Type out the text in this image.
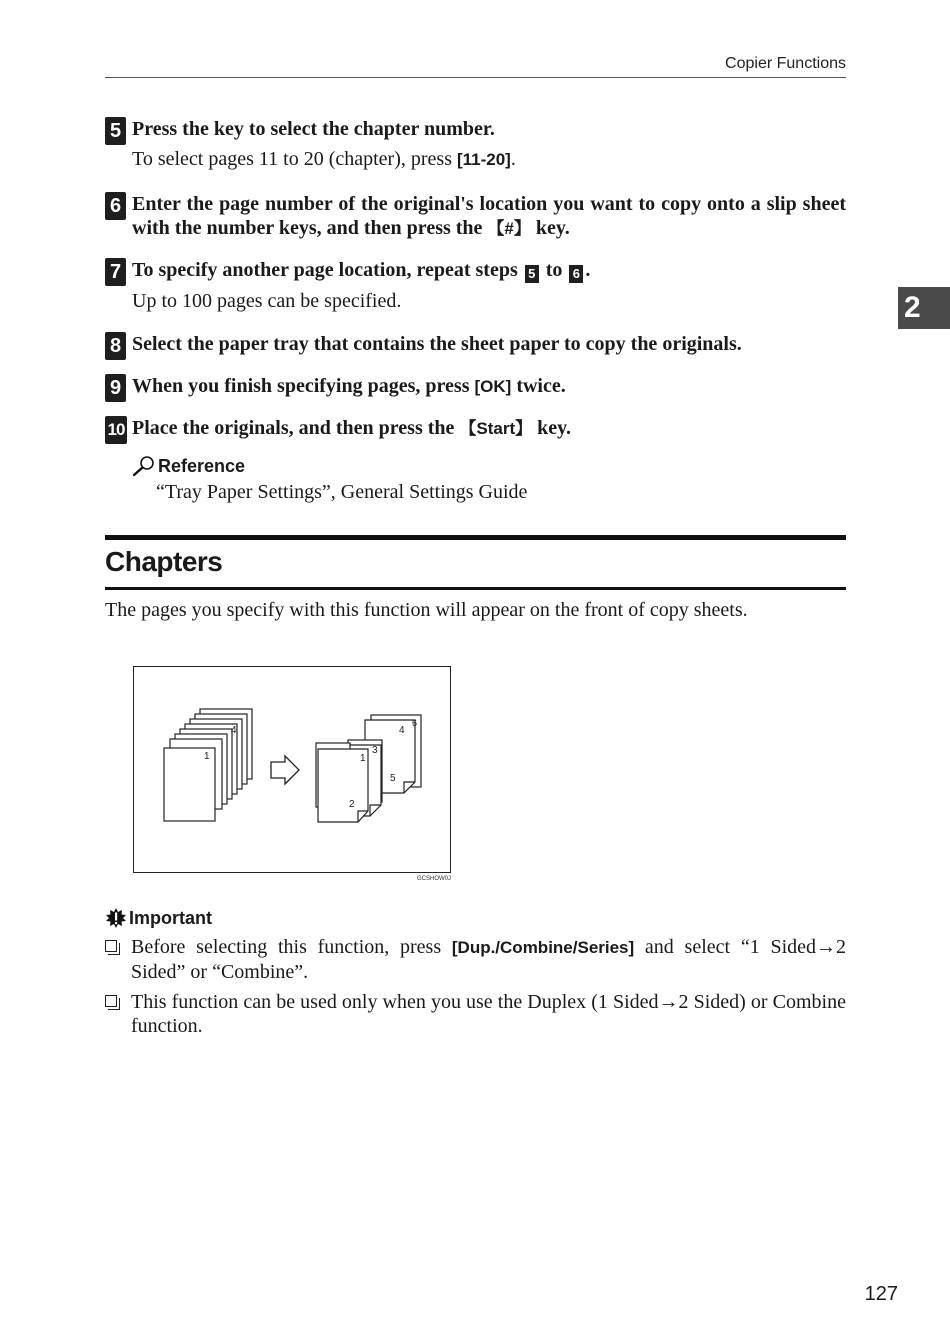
Copier Functions
2
5 Press the key to select the chapter number.
To select pages 11 to 20 (chapter), press [11-20].
6 Enter the page number of the original's location you want to copy onto a slip sheet with the number keys, and then press the 【#】 key.
7 To specify another page location, repeat steps 5 to 6 .
Up to 100 pages can be specified.
8 Select the paper tray that contains the sheet paper to copy the originals.
9 When you finish specifying pages, press [OK] twice.
10 Place the originals, and then press the 【Start】 key.
Reference
“Tray Paper Settings”, General Settings Guide
Chapters
The pages you specify with this function will appear on the front of copy sheets.
4
1
4
6
3
1
5
2
GCSHOW0J
Important
Before selecting this function, press [Dup./Combine/Series] and select “1 Sided→2 Sided” or “Combine”.
This function can be used only when you use the Duplex (1 Sided→2 Sided) or Combine function.
127
